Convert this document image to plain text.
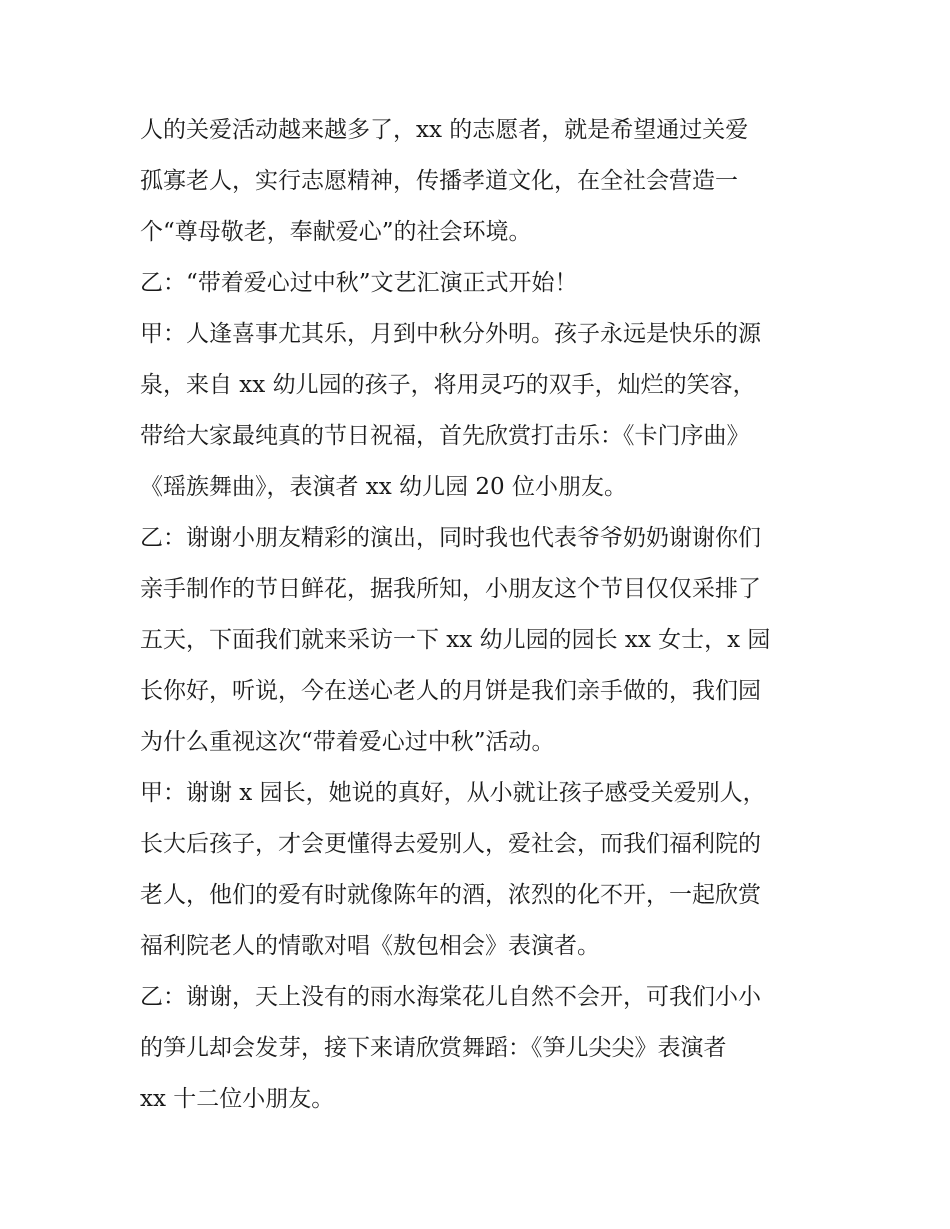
人的关爱活动越来越多了，xx 的志愿者，就是希望通过关爱
孤寡老人，实行志愿精神，传播孝道文化，在全社会营造一
个“尊母敬老，奉献爱心”的社会环境。
乙：“带着爱心过中秋”文艺汇演正式开始！
甲：人逢喜事尤其乐，月到中秋分外明。孩子永远是快乐的源
泉，来自 xx 幼儿园的孩子，将用灵巧的双手，灿烂的笑容，
带给大家最纯真的节日祝福，首先欣赏打击乐：《卡门序曲》
《瑶族舞曲》，表演者 xx 幼儿园 20 位小朋友。
乙：谢谢小朋友精彩的演出，同时我也代表爷爷奶奶谢谢你们
亲手制作的节日鲜花，据我所知，小朋友这个节目仅仅采排了
五天，下面我们就来采访一下 xx 幼儿园的园长 xx 女士，x 园
长你好，听说，今在送心老人的月饼是我们亲手做的，我们园
为什么重视这次“带着爱心过中秋”活动。
甲：谢谢 x 园长，她说的真好，从小就让孩子感受关爱别人，
长大后孩子，才会更懂得去爱别人，爱社会，而我们福利院的
老人，他们的爱有时就像陈年的酒，浓烈的化不开，一起欣赏
福利院老人的情歌对唱《敖包相会》表演者。
乙：谢谢，天上没有的雨水海棠花儿自然不会开，可我们小小
的笋儿却会发芽，接下来请欣赏舞蹈：《笋儿尖尖》表演者
xx 十二位小朋友。
